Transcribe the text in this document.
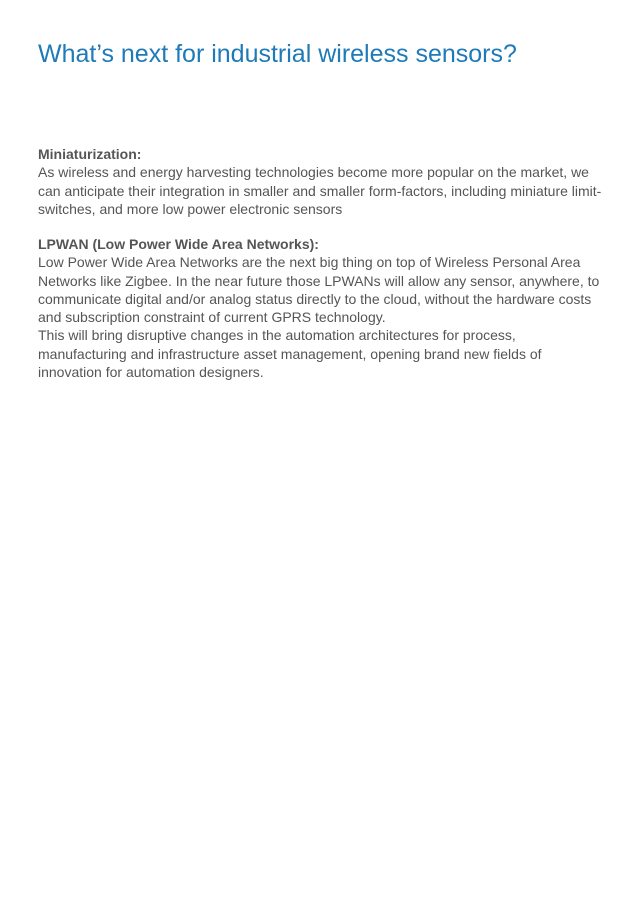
What’s next for industrial wireless sensors?

Miniaturization:

As wireless and energy harvesting technologies become more popular on the market, we can anticipate their integration in smaller and smaller form-factors, including miniature limit-switches, and more low power electronic sensors

LPWAN (Low Power Wide Area Networks):

Low Power Wide Area Networks are the next big thing on top of Wireless Personal Area Networks like Zigbee. In the near future those LPWANs will allow any sensor, anywhere, to communicate digital and/or analog status directly to the cloud, without the hardware costs and subscription constraint of current GPRS technology.

This will bring disruptive changes in the automation architectures for process, manufacturing and infrastructure asset management, opening brand new fields of innovation for automation designers.
